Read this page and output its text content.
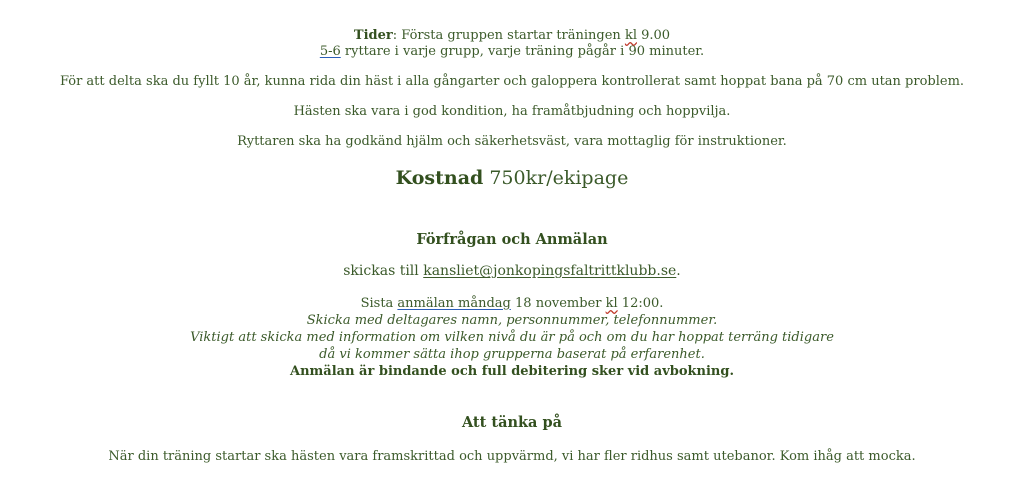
Tider: Första gruppen startar träningen kl 9.00
5-6 ryttare i varje grupp, varje träning pågår i 90 minuter.
För att delta ska du fyllt 10 år, kunna rida din häst i alla gångarter och galoppera kontrollerat samt hoppat bana på 70 cm utan problem.
Hästen ska vara i god kondition, ha framåtbjudning och hoppvilja.
Ryttaren ska ha godkänd hjälm och säkerhetsväst, vara mottaglig för instruktioner.
Kostnad 750kr/ekipage
Förfrågan och Anmälan
skickas till kansliet@jonkopingsfaltrittklubb.se.
Sista anmälan måndag 18 november kl 12:00.
Skicka med deltagares namn, personnummer, telefonnummer.
Viktigt att skicka med information om vilken nivå du är på och om du har hoppat terräng tidigare
då vi kommer sätta ihop grupperna baserat på erfarenhet.
Anmälan är bindande och full debitering sker vid avbokning.
Att tänka på
När din träning startar ska hästen vara framskrittad och uppvärmd, vi har fler ridhus samt utebanor. Kom ihåg att mocka.
